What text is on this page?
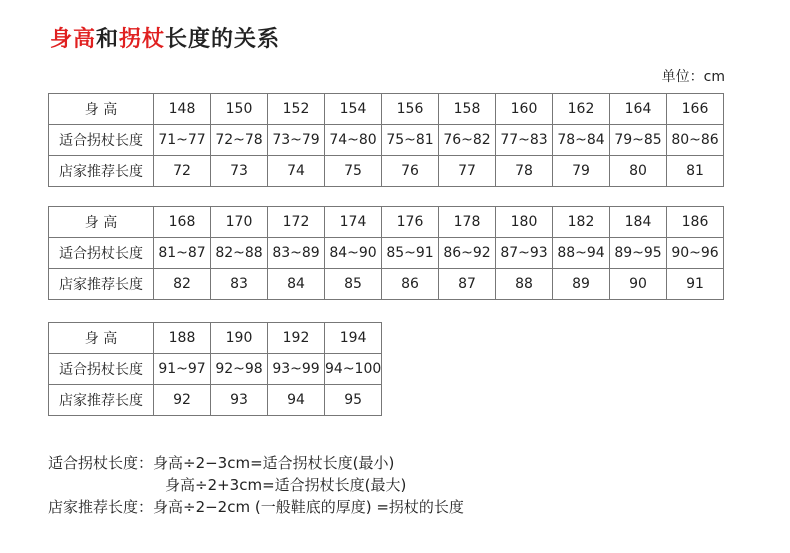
身高和拐杖长度的关系
单位：cm
身 高	148	150	152	154	156	158	160	162	164	166
适合拐杖长度	71~77	72~78	73~79	74~80	75~81	76~82	77~83	78~84	79~85	80~86
店家推荐长度	72	73	74	75	76	77	78	79	80	81
身 高	168	170	172	174	176	178	180	182	184	186
适合拐杖长度	81~87	82~88	83~89	84~90	85~91	86~92	87~93	88~94	89~95	90~96
店家推荐长度	82	83	84	85	86	87	88	89	90	91
身 高	188	190	192	194
适合拐杖长度	91~97	92~98	93~99	94~100
店家推荐长度	92	93	94	95
适合拐杖长度：身高÷2−3cm=适合拐杖长度(最小)
身高÷2+3cm=适合拐杖长度(最大)
店家推荐长度：身高÷2−2cm (一般鞋底的厚度) =拐杖的长度
